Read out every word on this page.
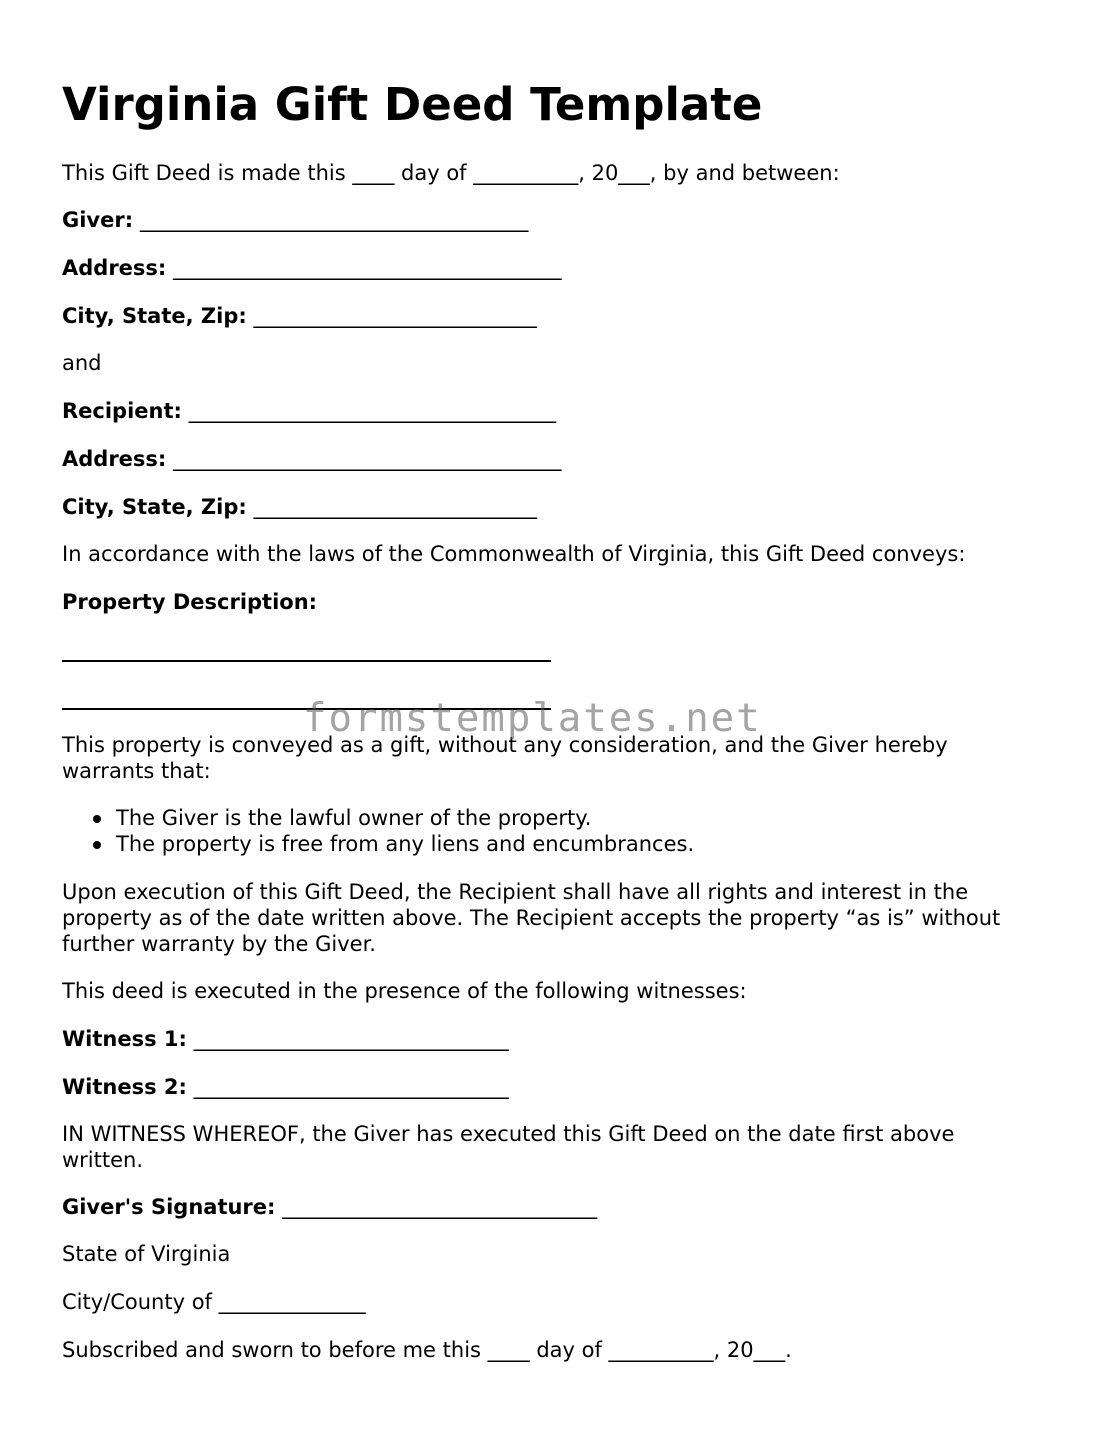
Virginia Gift Deed Template

This Gift Deed is made this ____ day of __________, 20___, by and between:

Giver: _____________________________________

Address: _____________________________________

City, State, Zip: ___________________________

and

Recipient: ___________________________________

Address: _____________________________________

City, State, Zip: ___________________________

In accordance with the laws of the Commonwealth of Virginia, this Gift Deed conveys:

Property Description:

This property is conveyed as a gift, without any consideration, and the Giver hereby warrants that:

The Giver is the lawful owner of the property.
The property is free from any liens and encumbrances.

Upon execution of this Gift Deed, the Recipient shall have all rights and interest in the property as of the date written above. The Recipient accepts the property “as is” without further warranty by the Giver.

This deed is executed in the presence of the following witnesses:

Witness 1: ______________________________

Witness 2: ______________________________

IN WITNESS WHEREOF, the Giver has executed this Gift Deed on the date first above written.

Giver's Signature: ______________________________

State of Virginia

City/County of ______________

Subscribed and sworn to before me this ____ day of __________, 20___.

formstemplates.net
